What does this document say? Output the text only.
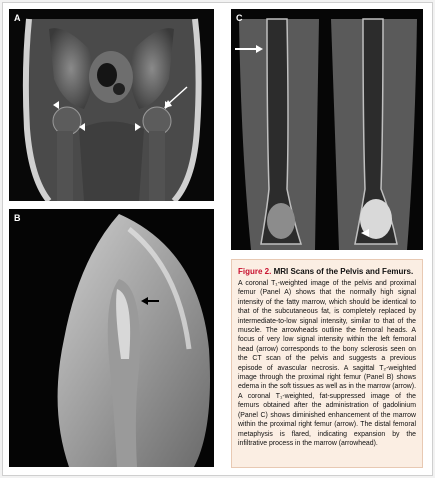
A
B
C

Figure 2. MRI Scans of the Pelvis and Femurs.

A coronal T₁-weighted image of the pelvis and proximal femur (Panel A) shows that the normally high signal intensity of the fatty marrow, which should be identical to that of the subcutaneous fat, is completely replaced by intermediate-to-low signal intensity, similar to that of the muscle. The arrowheads outline the femoral heads. A focus of very low signal intensity within the left femoral head (arrow) corresponds to the bony sclerosis seen on the CT scan of the pelvis and suggests a previous episode of avascular necrosis. A sagittal T₂-weighted image through the proximal right femur (Panel B) shows edema in the soft tissues as well as in the marrow (arrow). A coronal T₁-weighted, fat-suppressed image of the femurs obtained after the administration of gadolinium (Panel C) shows diminished enhancement of the marrow within the proximal right femur (arrow). The distal femoral metaphysis is flared, indicating expansion by the infiltrative process in the marrow (arrowhead).
